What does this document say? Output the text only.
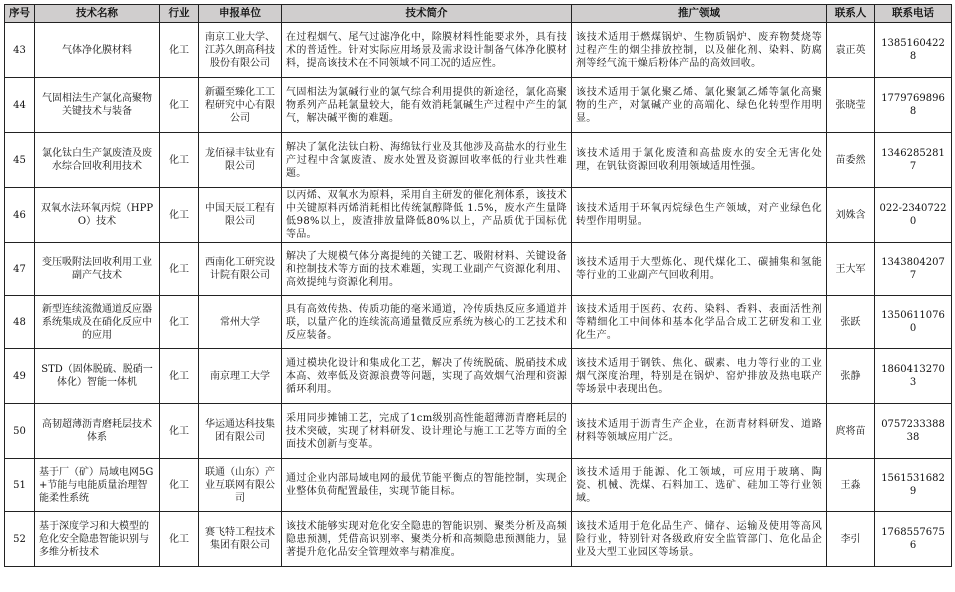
序号	技术名称	行业	申报单位	技术简介	推广领域	联系人	联系电话
43	气体净化膜材料	化工	南京工业大学、江苏久朗高科技股份有限公司	在过程烟气、尾气过滤净化中，除膜材料性能要求外，具有技术的普适性。针对实际应用场景及需求设计制备气体净化膜材料，提高该技术在不同领域不同工况的适应性。	该技术适用于燃煤锅炉、生物质锅炉、废弃物焚烧等过程产生的烟尘排放控制，以及催化剂、染料、防腐剂等经气流干燥后粉体产品的高效回收。	袁正英	13851604228
44	气固相法生产氯化高聚物关键技术与装备	化工	新疆至臻化工工程研究中心有限公司	气固相法为氯碱行业的氯气综合利用提供的新途径，氯化高聚物系列产品耗氯量较大，能有效消耗氯碱生产过程中产生的氯气，解决碱平衡的难题。	该技术适用于氯化聚乙烯、氯化聚氯乙烯等氯化高聚物的生产，对氯碱产业的高端化、绿色化转型作用明显。	张晓莹	17797698968
45	氯化钛白生产氯废渣及废水综合回收利用技术	化工	龙佰禄丰钛业有限公司	解决了氯化法钛白粉、海绵钛行业及其他涉及高盐水的行业生产过程中含氯废渣、废水处置及资源回收率低的行业共性难题。	该技术适用于氯化废渣和高盐废水的安全无害化处理，在钒钛资源回收利用领域适用性强。	苗委然	13462852817
46	双氧水法环氧丙烷（HPPO）技术	化工	中国天辰工程有限公司	以丙烯、双氧水为原料，采用自主研发的催化剂体系，该技术中关键原料丙烯消耗相比传统氯醇降低 1.5%，废水产生量降低98%以上，废渣排放量降低80%以上，产品质优于国标优等品。	该技术适用于环氧丙烷绿色生产领域，对产业绿色化转型作用明显。	刘姝含	022-23407220
47	变压吸附法回收利用工业副产气技术	化工	西南化工研究设计院有限公司	解决了大规模气体分离提纯的关键工艺、吸附材料、关键设备和控制技术等方面的技术难题，实现工业副产气资源化利用、高效提纯与资源化利用。	该技术适用于大型炼化、现代煤化工、碳捕集和氢能等行业的工业副产气回收利用。	王大军	13438042077
48	新型连续流微通道反应器系统集成及在硝化反应中的应用	化工	常州大学	具有高效传热、传质功能的毫米通道，冷传质热反应多通道并联，以量产化的连续流高通量微反应系统为核心的工艺技术和反应装备。	该技术适用于医药、农药、染料、香料、表面活性剂等精细化工中间体和基本化学品合成工艺研发和工业化生产。	张跃	13506110760
49	STD（固体脱硫、脱硝一体化）智能一体机	化工	南京理工大学	通过模块化设计和集成化工艺，解决了传统脱硫、脱硝技术成本高、效率低及资源浪费等问题，实现了高效烟气治理和资源循环利用。	该技术适用于钢铁、焦化、碳素、电力等行业的工业烟气深度治理，特别是在锅炉、窑炉排放及热电联产等场景中表现出色。	张静	18604132703
50	高韧超薄沥青磨耗层技术体系	化工	华运通达科技集团有限公司	采用同步摊铺工艺，完成了1cm级别高性能超薄沥青磨耗层的技术突破，实现了材料研发、设计理论与施工工艺等方面的全面技术创新与变革。	该技术适用于沥青生产企业，在沥青材料研发、道路材料等领域应用广泛。	庹将苗	075723338838
51	基于厂（矿）局域电网5G+节能与电能质量治理智能柔性系统	化工	联通（山东）产业互联网有限公司	通过企业内部局域电网的最优节能平衡点的智能控制，实现企业整体负荷配置最佳，实现节能目标。	该技术适用于能源、化工领域，可应用于玻璃、陶瓷、机械、洗煤、石料加工、选矿、硅加工等行业领域。	王淼	15615316829
52	基于深度学习和大模型的危化安全隐患智能识别与多维分析技术	化工	赛飞特工程技术集团有限公司	该技术能够实现对危化安全隐患的智能识别、聚类分析及高频隐患预测，凭借高识别率、聚类分析和高频隐患预测能力，显著提升危化品安全管理效率与精准度。	该技术适用于危化品生产、储存、运输及使用等高风险行业，特别针对各级政府安全监管部门、危化品企业及大型工业园区等场景。	李引	17685576756
